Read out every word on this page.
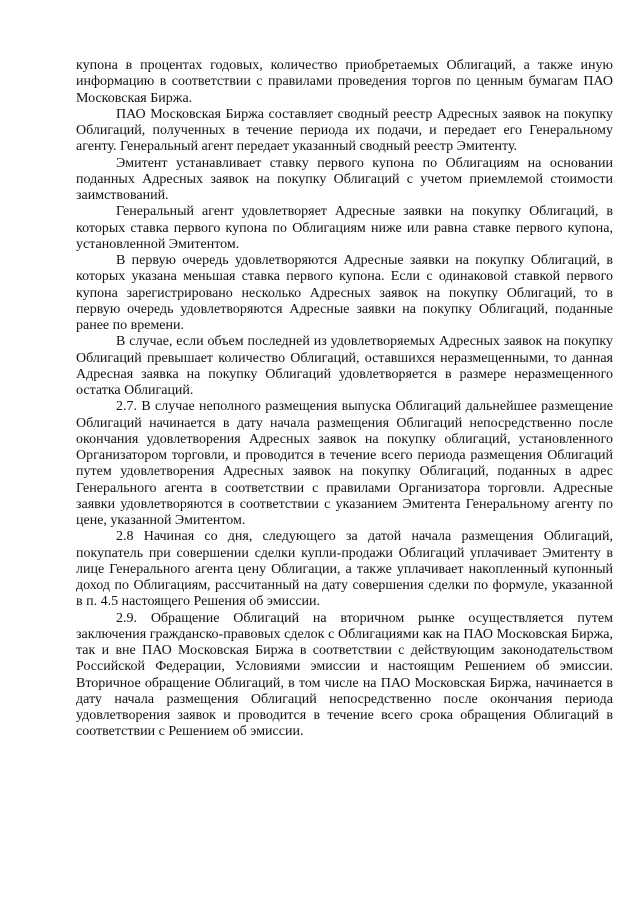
купона в процентах годовых, количество приобретаемых Облигаций, а также иную информацию в соответствии с правилами проведения торгов по ценным бумагам ПАО Московская Биржа.

ПАО Московская Биржа составляет сводный реестр Адресных заявок на покупку Облигаций, полученных в течение периода их подачи, и передает его Генеральному агенту. Генеральный агент передает указанный сводный реестр Эмитенту.

Эмитент устанавливает ставку первого купона по Облигациям на основании поданных Адресных заявок на покупку Облигаций с учетом приемлемой стоимости заимствований.

Генеральный агент удовлетворяет Адресные заявки на покупку Облигаций, в которых ставка первого купона по Облигациям ниже или равна ставке первого купона, установленной Эмитентом.

В первую очередь удовлетворяются Адресные заявки на покупку Облигаций, в которых указана меньшая ставка первого купона. Если с одинаковой ставкой первого купона зарегистрировано несколько Адресных заявок на покупку Облигаций, то в первую очередь удовлетворяются Адресные заявки на покупку Облигаций, поданные ранее по времени.

В случае, если объем последней из удовлетворяемых Адресных заявок на покупку Облигаций превышает количество Облигаций, оставшихся неразмещенными, то данная Адресная заявка на покупку Облигаций удовлетворяется в размере неразмещенного остатка Облигаций.

2.7. В случае неполного размещения выпуска Облигаций дальнейшее размещение Облигаций начинается в дату начала размещения Облигаций непосредственно после окончания удовлетворения Адресных заявок на покупку облигаций, установленного Организатором торговли, и проводится в течение всего периода размещения Облигаций путем удовлетворения Адресных заявок на покупку Облигаций, поданных в адрес Генерального агента в соответствии с правилами Организатора торговли. Адресные заявки удовлетворяются в соответствии с указанием Эмитента Генеральному агенту по цене, указанной Эмитентом.

2.8 Начиная со дня, следующего за датой начала размещения Облигаций, покупатель при совершении сделки купли-продажи Облигаций уплачивает Эмитенту в лице Генерального агента цену Облигации, а также уплачивает накопленный купонный доход по Облигациям, рассчитанный на дату совершения сделки по формуле, указанной в п. 4.5 настоящего Решения об эмиссии.

2.9. Обращение Облигаций на вторичном рынке осуществляется путем заключения гражданско-правовых сделок с Облигациями как на ПАО Московская Биржа, так и вне ПАО Московская Биржа в соответствии с действующим законодательством Российской Федерации, Условиями эмиссии и настоящим Решением об эмиссии. Вторичное обращение Облигаций, в том числе на ПАО Московская Биржа, начинается в дату начала размещения Облигаций непосредственно после окончания периода удовлетворения заявок и проводится в течение всего срока обращения Облигаций в соответствии с Решением об эмиссии.
